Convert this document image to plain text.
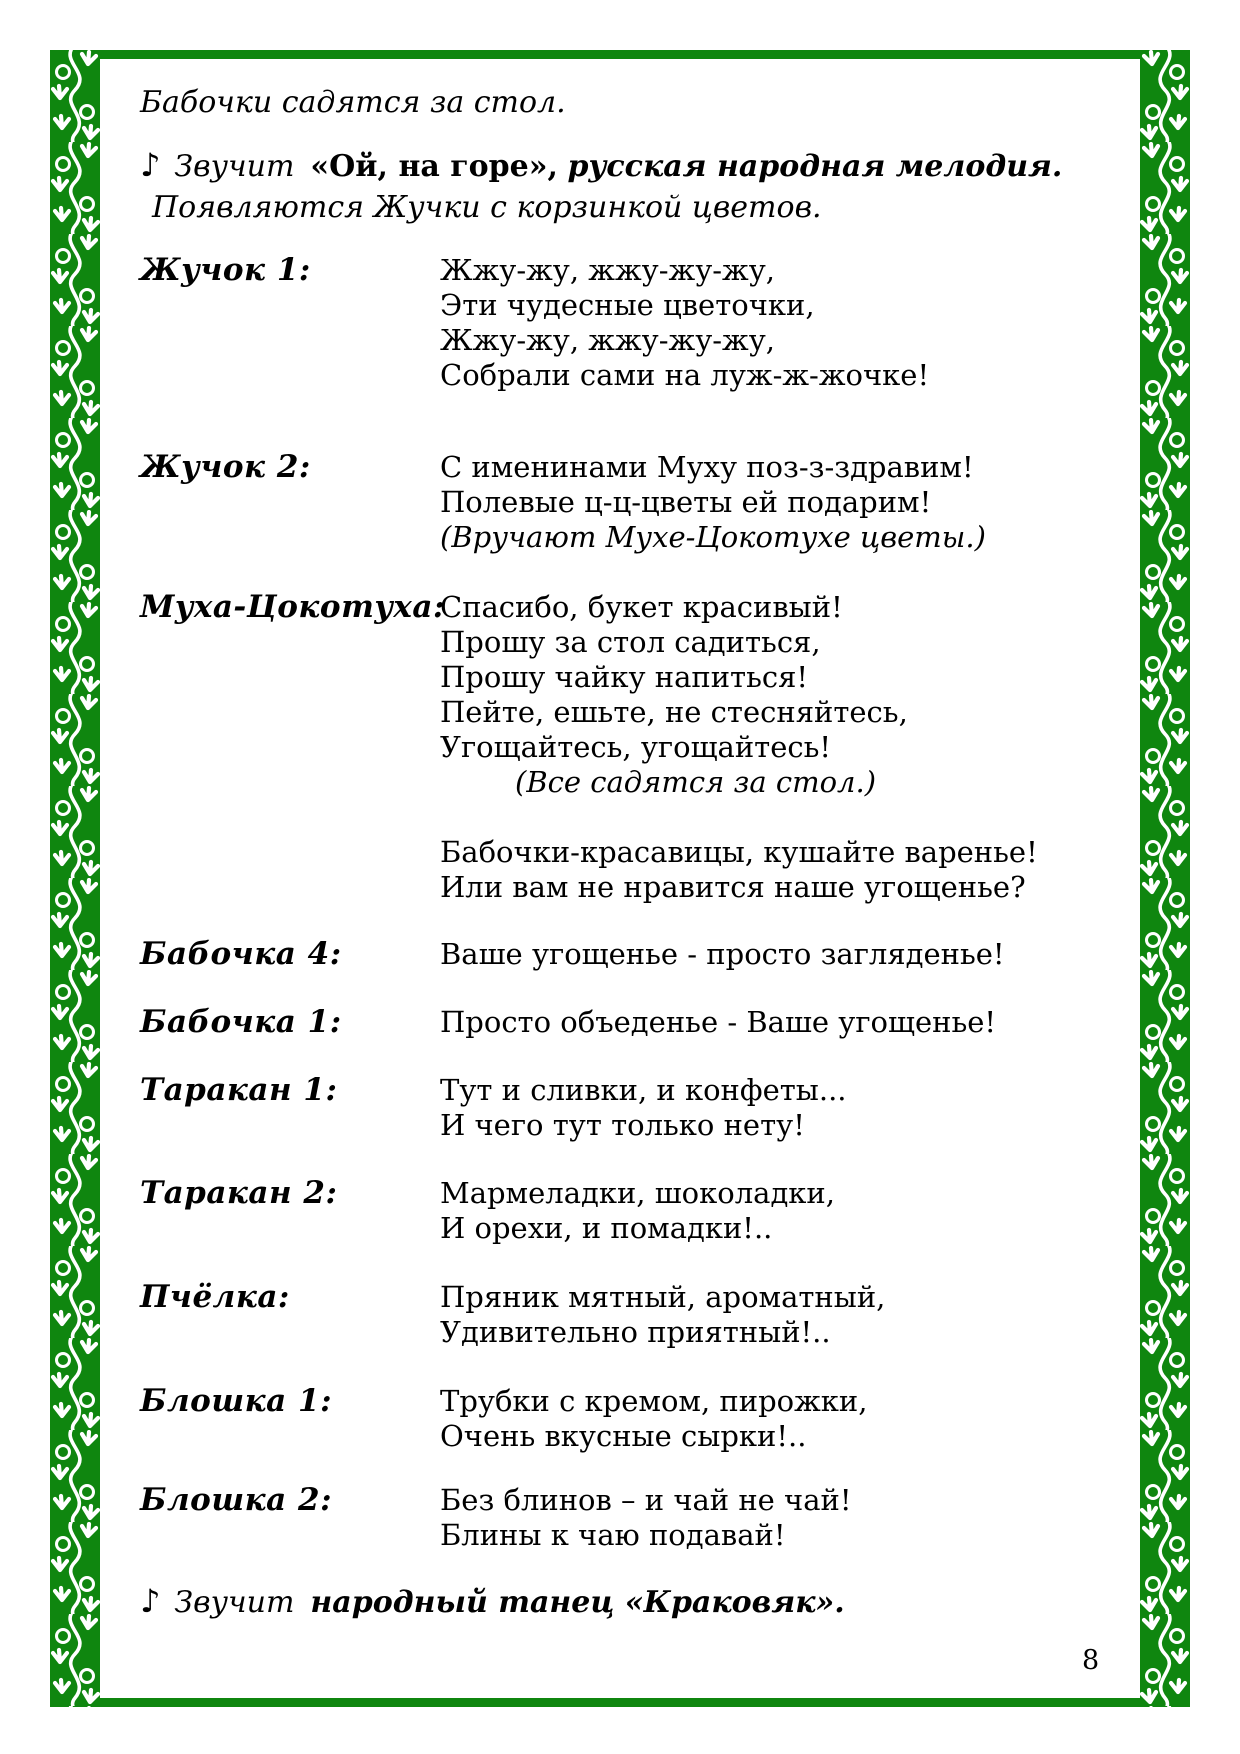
Бабочки садятся за стол.
♪ Звучит «Ой, на горе», русская народная мелодия.
Появляются Жучки с корзинкой цветов.
Жучок 1:	Жжу-жу, жжу-жу-жу,
Эти чудесные цветочки,
Жжу-жу, жжу-жу-жу,
Собрали сами на луж-ж-жочке!
Жучок 2:	С именинами Муху поз-з-здравим!
Полевые ц-ц-цветы ей подарим!
(Вручают Мухе-Цокотухе цветы.)
Муха-Цокотуха:
Спасибо, букет красивый!
Прошу за стол садиться,
Прошу чайку напиться!
Пейте, ешьте, не стесняйтесь,
Угощайтесь, угощайтесь!
(Все садятся за стол.)
Бабочки-красавицы, кушайте варенье!
Или вам не нравится наше угощенье?
Бабочка 4:	Ваше угощенье - просто загляденье!
Бабочка 1:	Просто объеденье - Ваше угощенье!
Таракан 1:	Тут и сливки, и конфеты...
И чего тут только нету!
Таракан 2:	Мармеладки, шоколадки,
И орехи, и помадки!..
Пчёлка:	Пряник мятный, ароматный,
Удивительно приятный!..
Блошка 1:	Трубки с кремом, пирожки,
Очень вкусные сырки!..
Блошка 2:	Без блинов – и чай не чай!
Блины к чаю подавай!
♪ Звучит народный танец «Краковяк».
8
